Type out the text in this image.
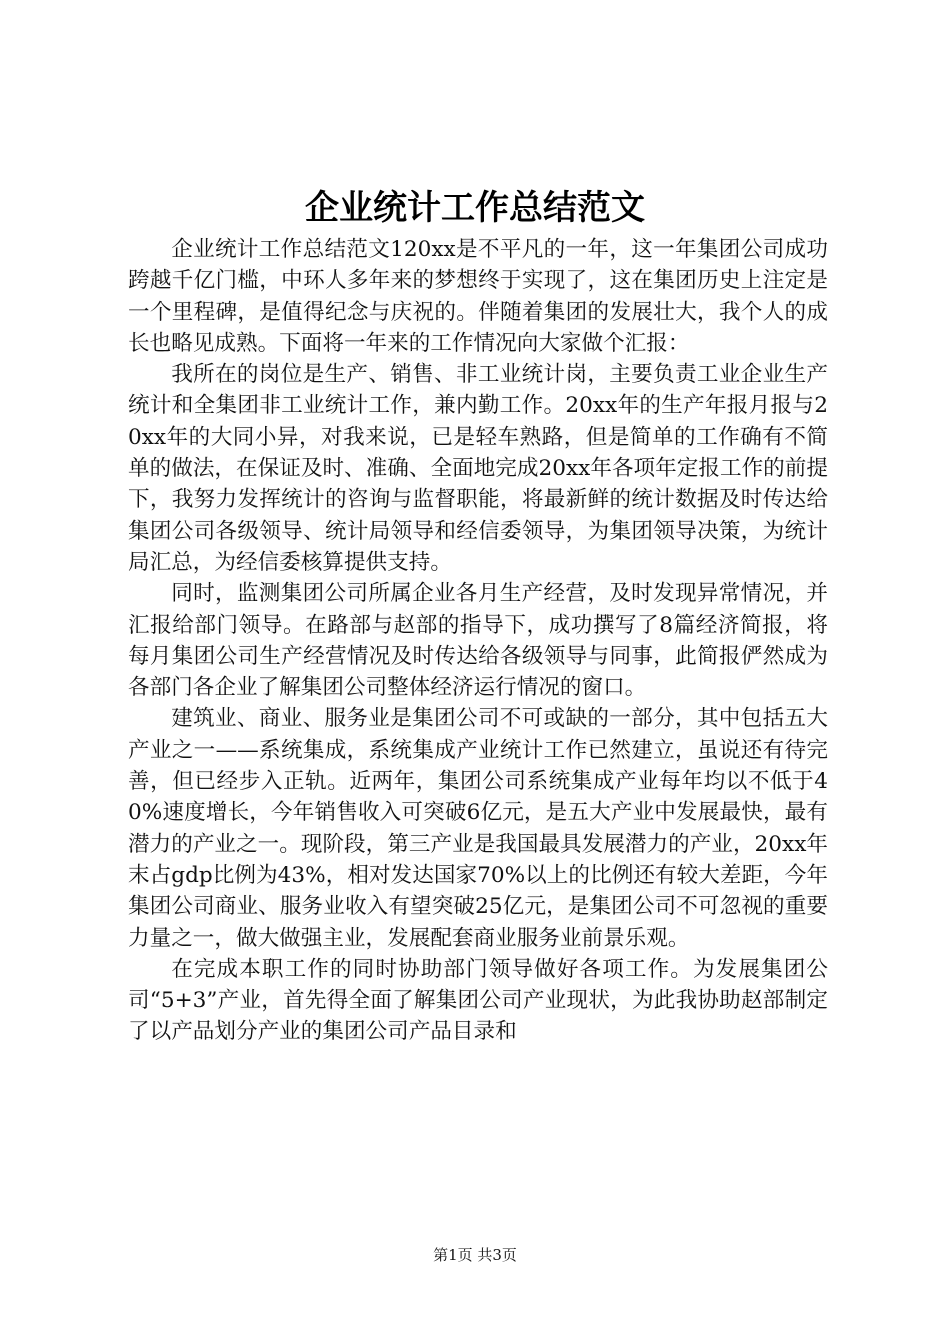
企业统计工作总结范文

企业统计工作总结范文120xx是不平凡的一年，这一年集团公司成功跨越千亿门槛，中环人多年来的梦想终于实现了，这在集团历史上注定是一个里程碑，是值得纪念与庆祝的。伴随着集团的发展壮大，我个人的成长也略见成熟。下面将一年来的工作情况向大家做个汇报：

我所在的岗位是生产、销售、非工业统计岗，主要负责工业企业生产统计和全集团非工业统计工作，兼内勤工作。20xx年的生产年报月报与20xx年的大同小异，对我来说，已是轻车熟路，但是简单的工作确有不简单的做法，在保证及时、准确、全面地完成20xx年各项年定报工作的前提下，我努力发挥统计的咨询与监督职能，将最新鲜的统计数据及时传达给集团公司各级领导、统计局领导和经信委领导，为集团领导决策，为统计局汇总，为经信委核算提供支持。

同时，监测集团公司所属企业各月生产经营，及时发现异常情况，并汇报给部门领导。在路部与赵部的指导下，成功撰写了8篇经济简报，将每月集团公司生产经营情况及时传达给各级领导与同事，此简报俨然成为各部门各企业了解集团公司整体经济运行情况的窗口。

建筑业、商业、服务业是集团公司不可或缺的一部分，其中包括五大产业之一——系统集成，系统集成产业统计工作已然建立，虽说还有待完善，但已经步入正轨。近两年，集团公司系统集成产业每年均以不低于40%速度增长，今年销售收入可突破6亿元，是五大产业中发展最快，最有潜力的产业之一。现阶段，第三产业是我国最具发展潜力的产业，20xx年末占gdp比例为43%，相对发达国家70%以上的比例还有较大差距，今年集团公司商业、服务业收入有望突破25亿元，是集团公司不可忽视的重要力量之一，做大做强主业，发展配套商业服务业前景乐观。

在完成本职工作的同时协助部门领导做好各项工作。为发展集团公司“5+3”产业，首先得全面了解集团公司产业现状，为此我协助赵部制定了以产品划分产业的集团公司产品目录和

第1页 共3页
